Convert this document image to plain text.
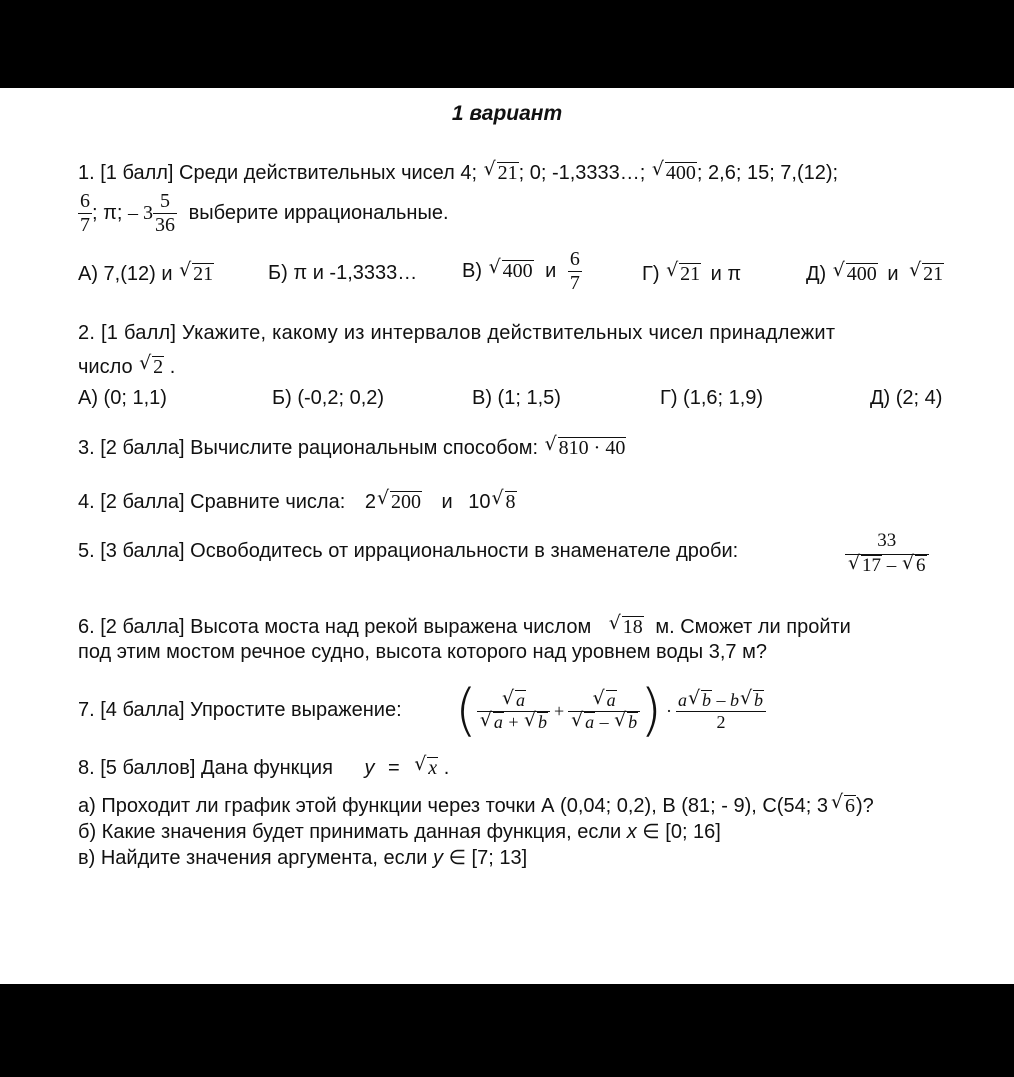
1 вариант
1. [1 балл] Среди действительных чисел 4; √ 21; 0; -1,3333…; √ 400; 2,6; 15; 7,(12);
$\frac{6}{7}$ ; π; – $3 \frac{5}{36}$ выберите иррациональные.
А) 7,(12) и √ 21	Б) π и -1,3333… В) √ 400 и $\frac{6}{7}$	Г) √ 21 и π	Д) √ 400 и √ 21
2. [1 балл] Укажите, какому из интервалов действительных чисел принадлежит
число √ 2 .
А) (0; 1,1)	Б) (-0,2; 0,2)	В) (1; 1,5)	Г) (1,6; 1,9)	Д) (2; 4)
3. [2 балла] Вычислите рациональным способом: √ 810 · 40
4. [2 балла] Сравните числа: 2 √ 200 и 10 √ 8
5. [3 балла] Освободитесь от иррациональности в знаменателе дроби:	33
√ 17 – √ 6
6. [2 балла] Высота моста над рекой выражена числом √ 18 м. Сможет ли пройти
под этим мостом речное судно, высота которого над уровнем воды 3,7 м?
7. [4 балла] Упростите выражение: ( √ a
√ a + √ b + √ a
√ a – √ b ) · $\frac{a √ b - b √ b}{2}$
8. [5 баллов] Дана функция y = √ x .
а) Проходит ли график этой функции через точки А (0,04; 0,2), В (81; - 9), С(54; 3 √ 6)?
б) Какие значения будет принимать данная функция, если x ∈ [0; 16]
в) Найдите значения аргумента, если y ∈ [7; 13]
